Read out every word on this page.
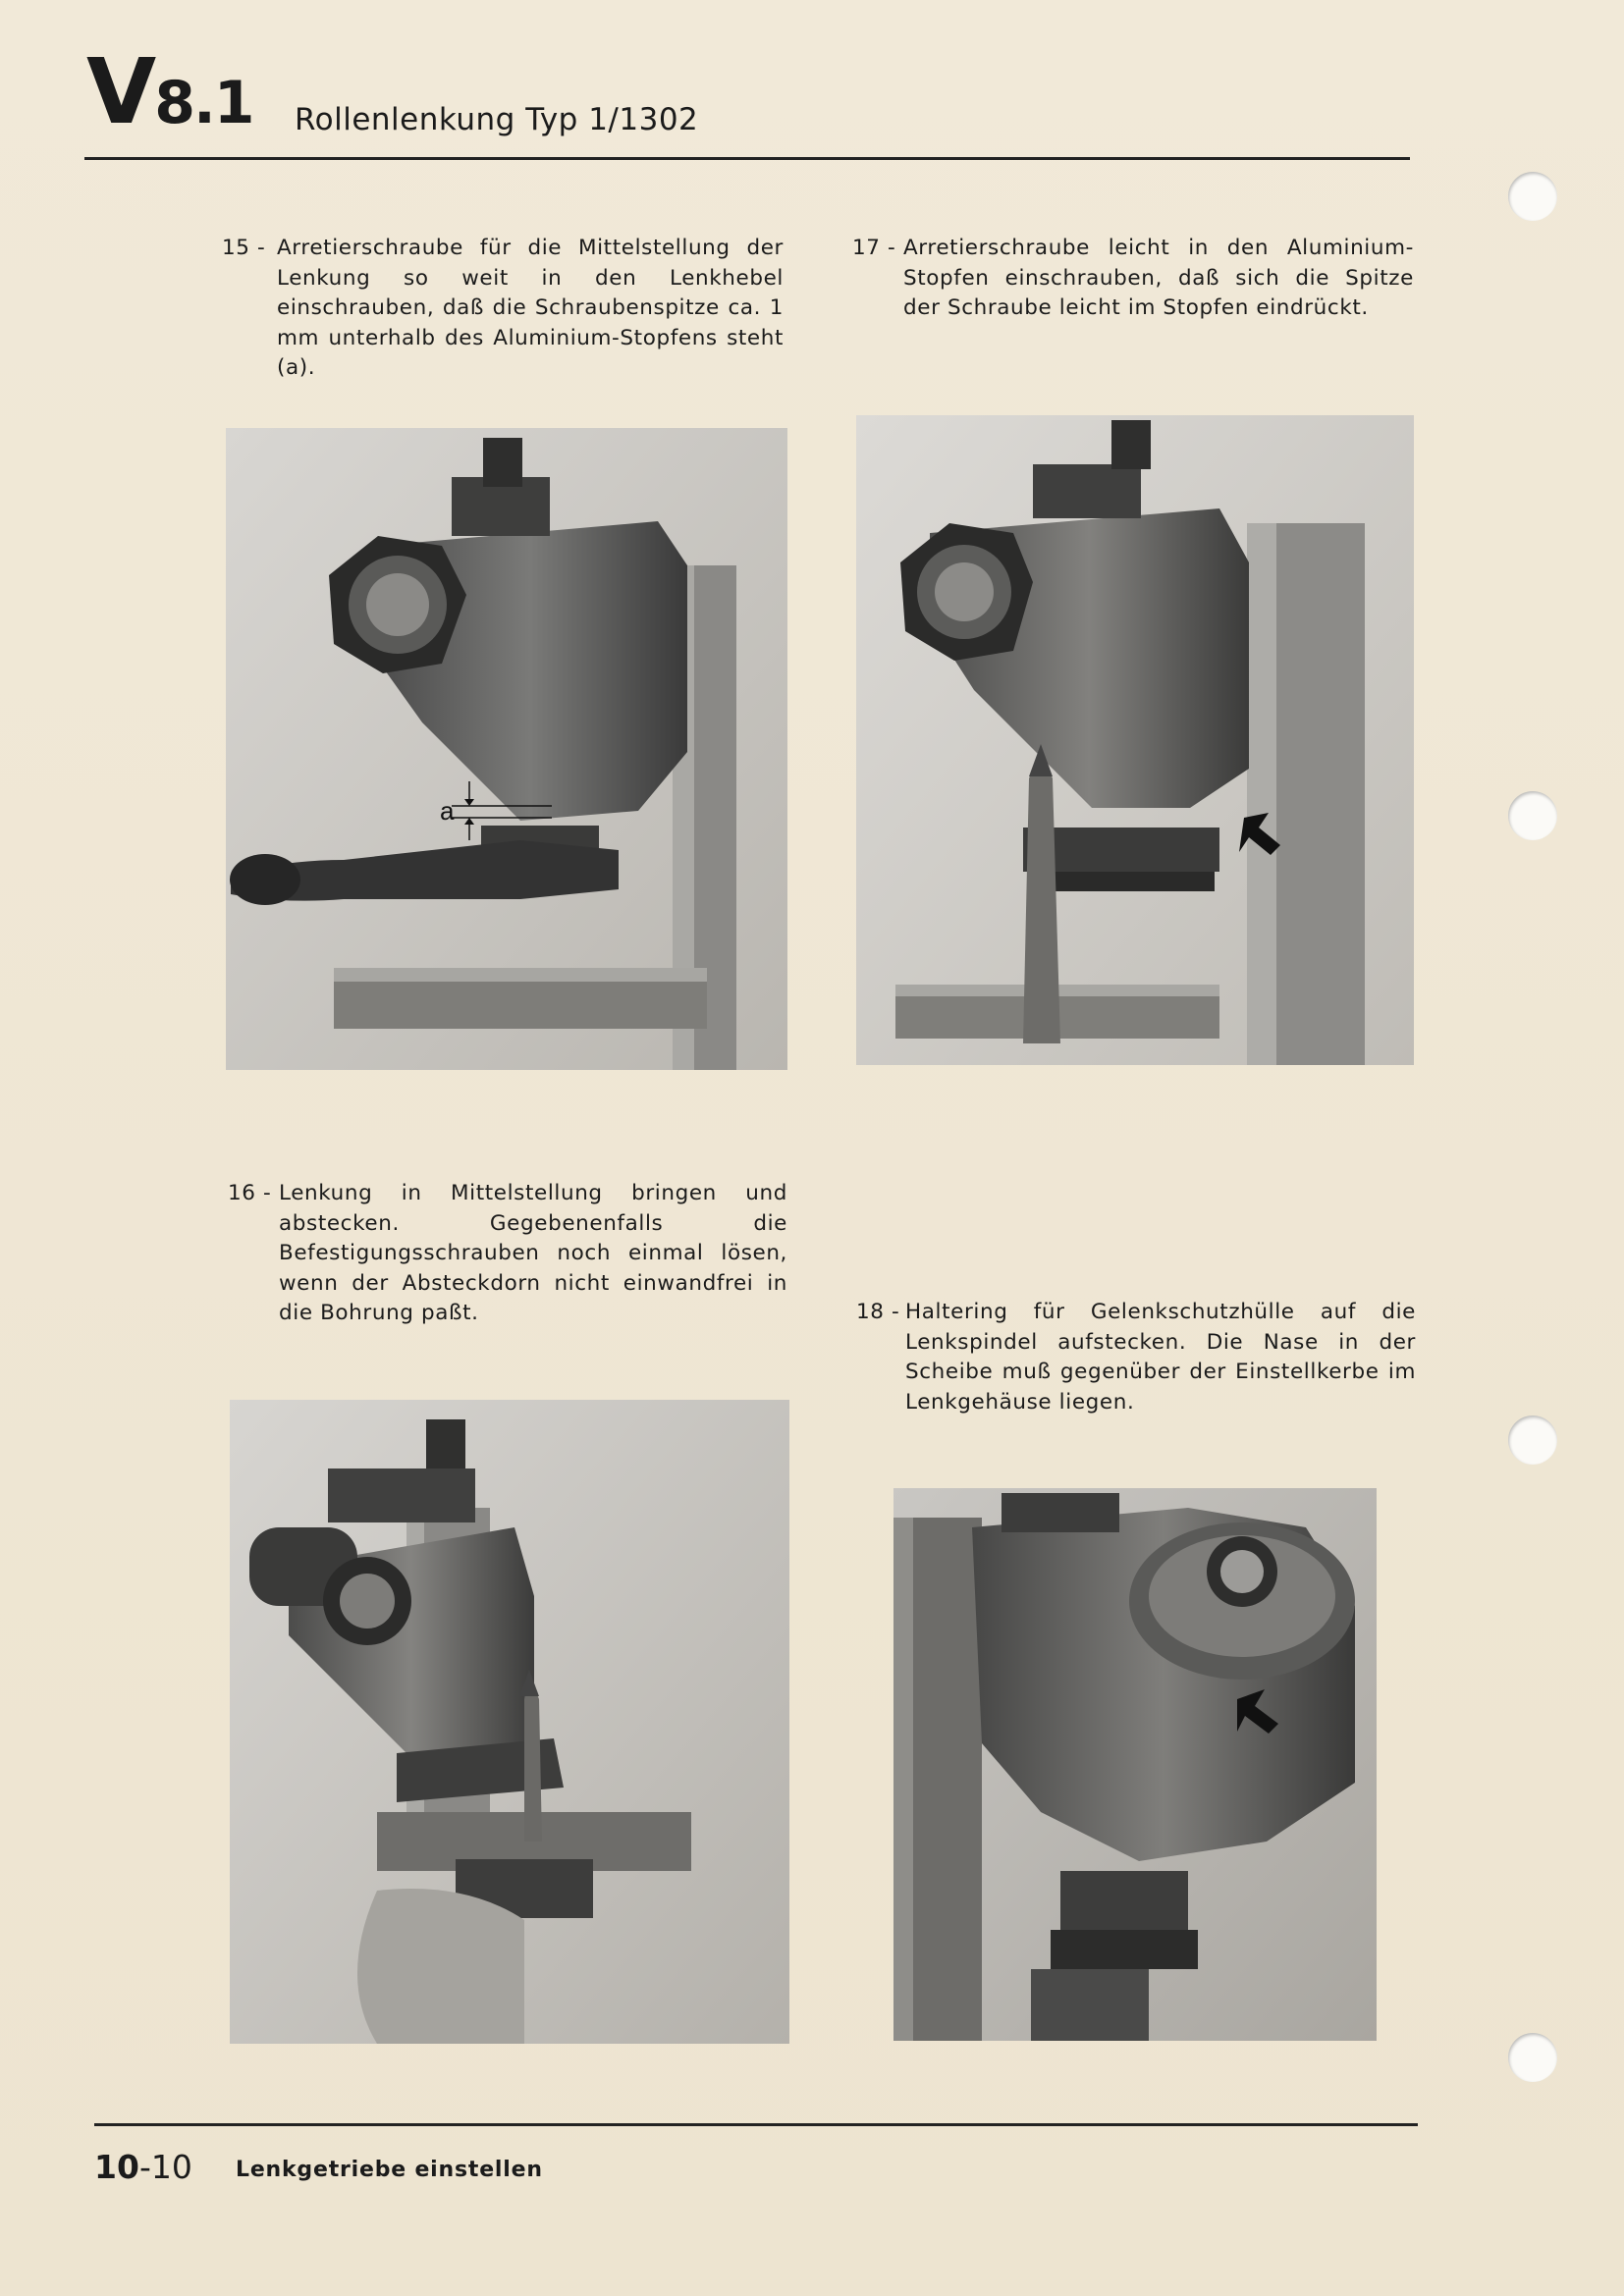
V8.1 Rollenlenkung Typ 1/1302
15 - Arretierschraube für die Mittelstellung der Lenkung so weit in den Lenkhebel einschrauben, daß die Schraubenspitze ca. 1 mm unterhalb des Aluminium-Stopfens steht (a).
17 - Arretierschraube leicht in den Aluminium-Stopfen einschrauben, daß sich die Spitze der Schraube leicht im Stopfen eindrückt.
a
16 - Lenkung in Mittelstellung bringen und abstecken. Gegebenenfalls die Befestigungsschrauben noch einmal lösen, wenn der Absteckdorn nicht einwandfrei in die Bohrung paßt.	18 - Haltering für Gelenkschutzhülle auf die Lenkspindel aufstecken. Die Nase in der Scheibe muß gegenüber der Einstellkerbe im Lenkgehäuse liegen.
10-10 Lenkgetriebe einstellen
